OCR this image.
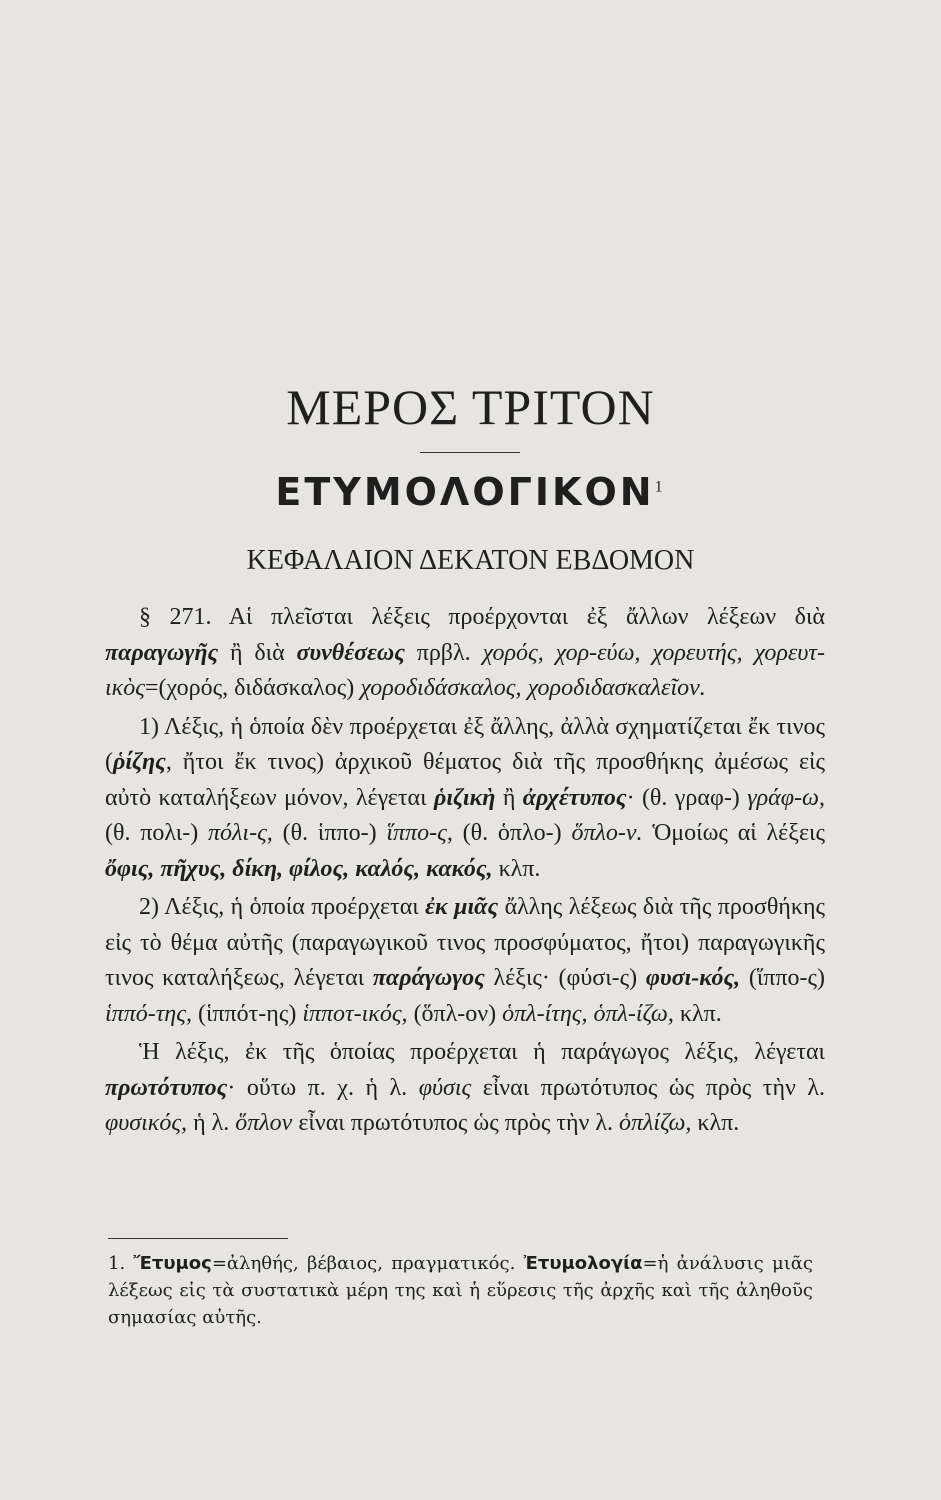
ΜΕΡΟΣ ΤΡΙΤΟΝ
ΕΤΥΜΟΛΟΓΙΚΟΝ$^1$
ΚΕΦΑΛΑΙΟΝ ΔΕΚΑΤΟΝ ΕΒΔΟΜΟΝ

§ 271. Αἱ πλεῖσται λέξεις προέρχονται ἐξ ἄλλων λέξεων διὰ παραγωγῆς ἢ διὰ συνθέσεως πρβλ. χορός, χορ-εύω, χορευτής, χορευτ-ικὸς=(χορός, διδάσκαλος) χοροδιδάσκαλος, χοροδιδασκαλεῖον.

1) Λέξις, ἡ ὁποία δὲν προέρχεται ἐξ ἄλλης, ἀλλὰ σχηματίζεται ἔκ τινος (ῥίζης, ἤτοι ἔκ τινος) ἀρχικοῦ θέματος διὰ τῆς προσθήκης ἀμέσως εἰς αὐτὸ καταλήξεων μόνον, λέγεται ῥιζικὴ ἢ ἀρχέτυπος· (θ. γραφ-) γράφ-ω, (θ. πολι-) πόλι-ς, (θ. ἱππο-) ἵππο-ς, (θ. ὁπλο-) ὅπλο-ν. Ὁμοίως αἱ λέξεις ὄφις, πῆχυς, δίκη, φίλος, καλός, κακός, κλπ.

2) Λέξις, ἡ ὁποία προέρχεται ἐκ μιᾶς ἄλλης λέξεως διὰ τῆς προσθήκης εἰς τὸ θέμα αὐτῆς (παραγωγικοῦ τινος προσφύματος, ἤτοι) παραγωγικῆς τινος καταλήξεως, λέγεται παράγωγος λέξις· (φύσι-ς) φυσι-κός, (ἵππο-ς) ἱππό-της, (ἱππότ-ης) ἱπποτ-ικός, (ὅπλ-ον) ὁπλ-ίτης, ὁπλ-ίζω, κλπ.

Ἡ λέξις, ἐκ τῆς ὁποίας προέρχεται ἡ παράγωγος λέξις, λέγεται πρωτότυπος· οὕτω π. χ. ἡ λ. φύσις εἶναι πρωτότυπος ὡς πρὸς τὴν λ. φυσικός, ἡ λ. ὅπλον εἶναι πρωτότυπος ὡς πρὸς τὴν λ. ὁπλίζω, κλπ.

1. Ἔτυμος=ἀληθής, βέβαιος, πραγματικός. Ἐτυμολογία=ἡ ἀνάλυσις μιᾶς λέξεως εἰς τὰ συστατικὰ μέρη της καὶ ἡ εὕρεσις τῆς ἀρχῆς καὶ τῆς ἀληθοῦς σημασίας αὐτῆς.
